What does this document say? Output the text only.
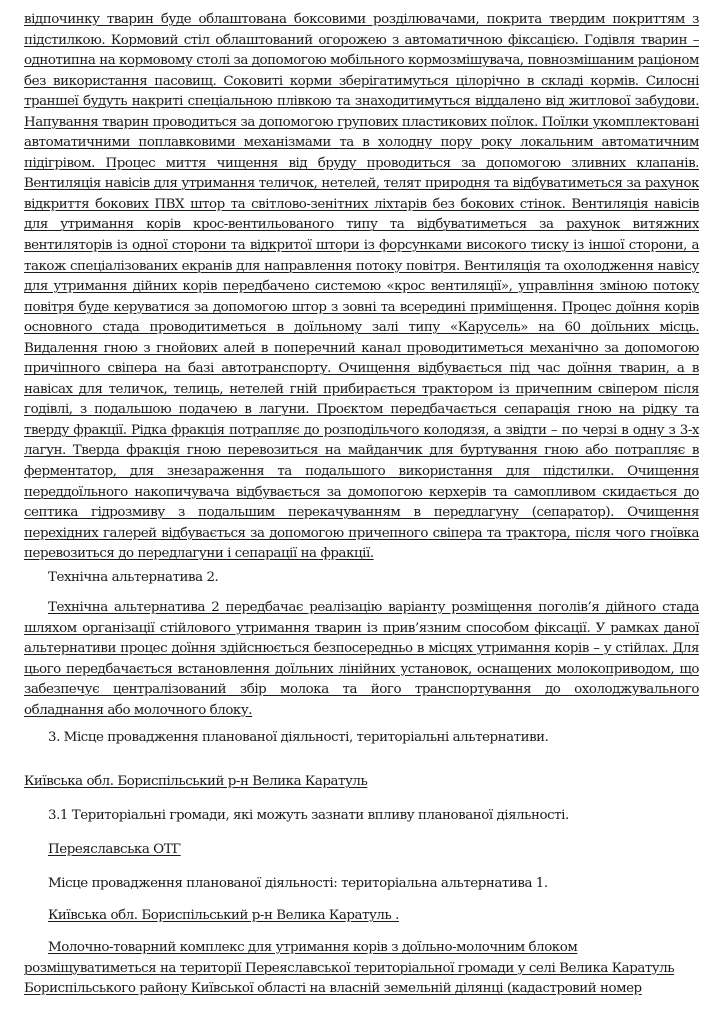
відпочинку тварин буде облаштована боксовими розділювачами, покрита твердим покриттям з підстилкою. Кормовий стіл облаштований огорожею з автоматичною фіксацією. Годівля тварин – однотипна на кормовому столі за допомогою мобільного кормозмішувача, повнозмішаним раціоном без використання пасовищ. Соковиті корми зберігатимуться цілорічно в складі кормів. Силосні траншеї будуть накриті спеціальною плівкою та знаходитимуться віддалено від житлової забудови. Напування тварин проводиться за допомогою групових пластикових поїлок. Поїлки укомплектовані автоматичними поплавковими механізмами та в холодну пору року локальним автоматичним підігрівом. Процес миття чищення від бруду проводиться за допомогою зливних клапанів. Вентиляція навісів для утримання теличок, нетелей, телят природня та відбуватиметься за рахунок відкриття бокових ПВХ штор та світлово-зенітних ліхтарів без бокових стінок. Вентиляція навісів для утримання корів крос-вентильованого типу та відбуватиметься за рахунок витяжних вентиляторів із одної сторони та відкритої штори із форсунками високого тиску із іншої сторони, а також спеціалізованих екранів для направлення потоку повітря. Вентиляція та охолодження навісу для утримання дійних корів передбачено системою «крос вентиляції», управління зміною потоку повітря буде керуватися за допомогою штор з зовні та всередині приміщення. Процес доїння корів основного стада проводитиметься в доїльному залі типу «Карусель» на 60 доїльних місць. Видалення гною з гнойових алей в поперечний канал проводитиметься механічно за допомогою причіпного свіпера на базі автотранспорту. Очищення відбувається під час доїння тварин, а в навісах для теличок, телиць, нетелей гній прибирається трактором із причепним свіпером після годівлі, з подальшою подачею в лагуни. Проєктом передбачається сепарація гною на рідку та тверду фракції. Рідка фракція потрапляє до розподільчого колодязя, а звідти – по черзі в одну з 3-х лагун. Тверда фракція гною перевозиться на майданчик для буртування гною або потрапляє в ферментатор, для знезараження та подальшого використання для підстилки. Очищення переддоїльного накопичувача відбувається за домопогою керхерів та самопливом скидається до септика гідрозмиву з подальшим перекачуванням в передлагуну (сепаратор). Очищення перехідних галерей відбувається за допомогою причепного свіпера та трактора, після чого гноївка перевозиться до передлагуни і сепарації на фракції.

Технічна альтернатива 2.

Технічна альтернатива 2 передбачає реалізацію варіанту розміщення поголів’я дійного стада шляхом організації стійлового утримання тварин із прив’язним способом фіксації. У рамках даної альтернативи процес доїння здійснюється безпосередньо в місцях утримання корів – у стійлах. Для цього передбачається встановлення доїльних лінійних установок, оснащених молокоприводом, що забезпечує централізований збір молока та його транспортування до охолоджувального обладнання або молочного блоку.

3. Місце провадження планованої діяльності, територіальні альтернативи.

Київська обл. Бориспільський р-н Велика Каратуль

3.1 Територіальні громади, які можуть зазнати впливу планованої діяльності.

Переяславська ОТГ

Місце провадження планованої діяльності: територіальна альтернатива 1.

Київська обл. Бориспільський р-н Велика Каратуль .

Молочно-товарний комплекс для утримання корів з доїльно-молочним блоком
розміщуватиметься на території Переяславської територіальної громади у селі Велика Каратуль
Бориспільського району Київської області на власній земельній ділянці (кадастровий номер
